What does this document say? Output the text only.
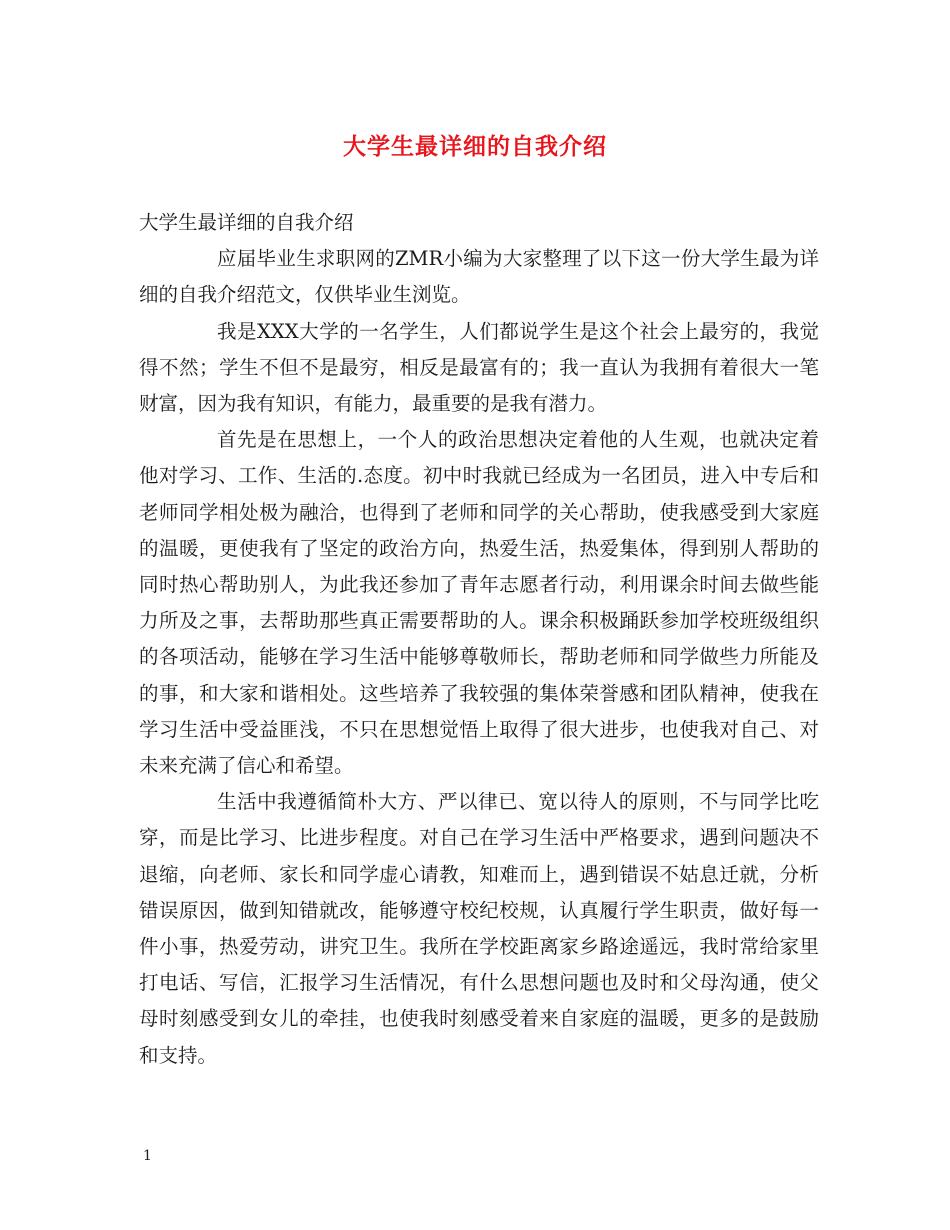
大学生最详细的自我介绍

大学生最详细的自我介绍

应届毕业生求职网的ZMR小编为大家整理了以下这一份大学生最为详细的自我介绍范文，仅供毕业生浏览。

我是XXX大学的一名学生，人们都说学生是这个社会上最穷的，我觉得不然；学生不但不是最穷，相反是最富有的；我一直认为我拥有着很大一笔财富，因为我有知识，有能力，最重要的是我有潜力。

首先是在思想上，一个人的政治思想决定着他的人生观，也就决定着他对学习、工作、生活的.态度。初中时我就已经成为一名团员，进入中专后和老师同学相处极为融洽，也得到了老师和同学的关心帮助，使我感受到大家庭的温暖，更使我有了坚定的政治方向，热爱生活，热爱集体，得到别人帮助的同时热心帮助别人，为此我还参加了青年志愿者行动，利用课余时间去做些能力所及之事，去帮助那些真正需要帮助的人。课余积极踊跃参加学校班级组织的各项活动，能够在学习生活中能够尊敬师长，帮助老师和同学做些力所能及的事，和大家和谐相处。这些培养了我较强的集体荣誉感和团队精神，使我在学习生活中受益匪浅，不只在思想觉悟上取得了很大进步，也使我对自己、对未来充满了信心和希望。

生活中我遵循简朴大方、严以律已、宽以待人的原则，不与同学比吃穿，而是比学习、比进步程度。对自己在学习生活中严格要求，遇到问题决不退缩，向老师、家长和同学虚心请教，知难而上，遇到错误不姑息迁就，分析错误原因，做到知错就改，能够遵守校纪校规，认真履行学生职责，做好每一件小事，热爱劳动，讲究卫生。我所在学校距离家乡路途遥远，我时常给家里打电话、写信，汇报学习生活情况，有什么思想问题也及时和父母沟通，使父母时刻感受到女儿的牵挂，也使我时刻感受着来自家庭的温暖，更多的是鼓励和支持。

1
